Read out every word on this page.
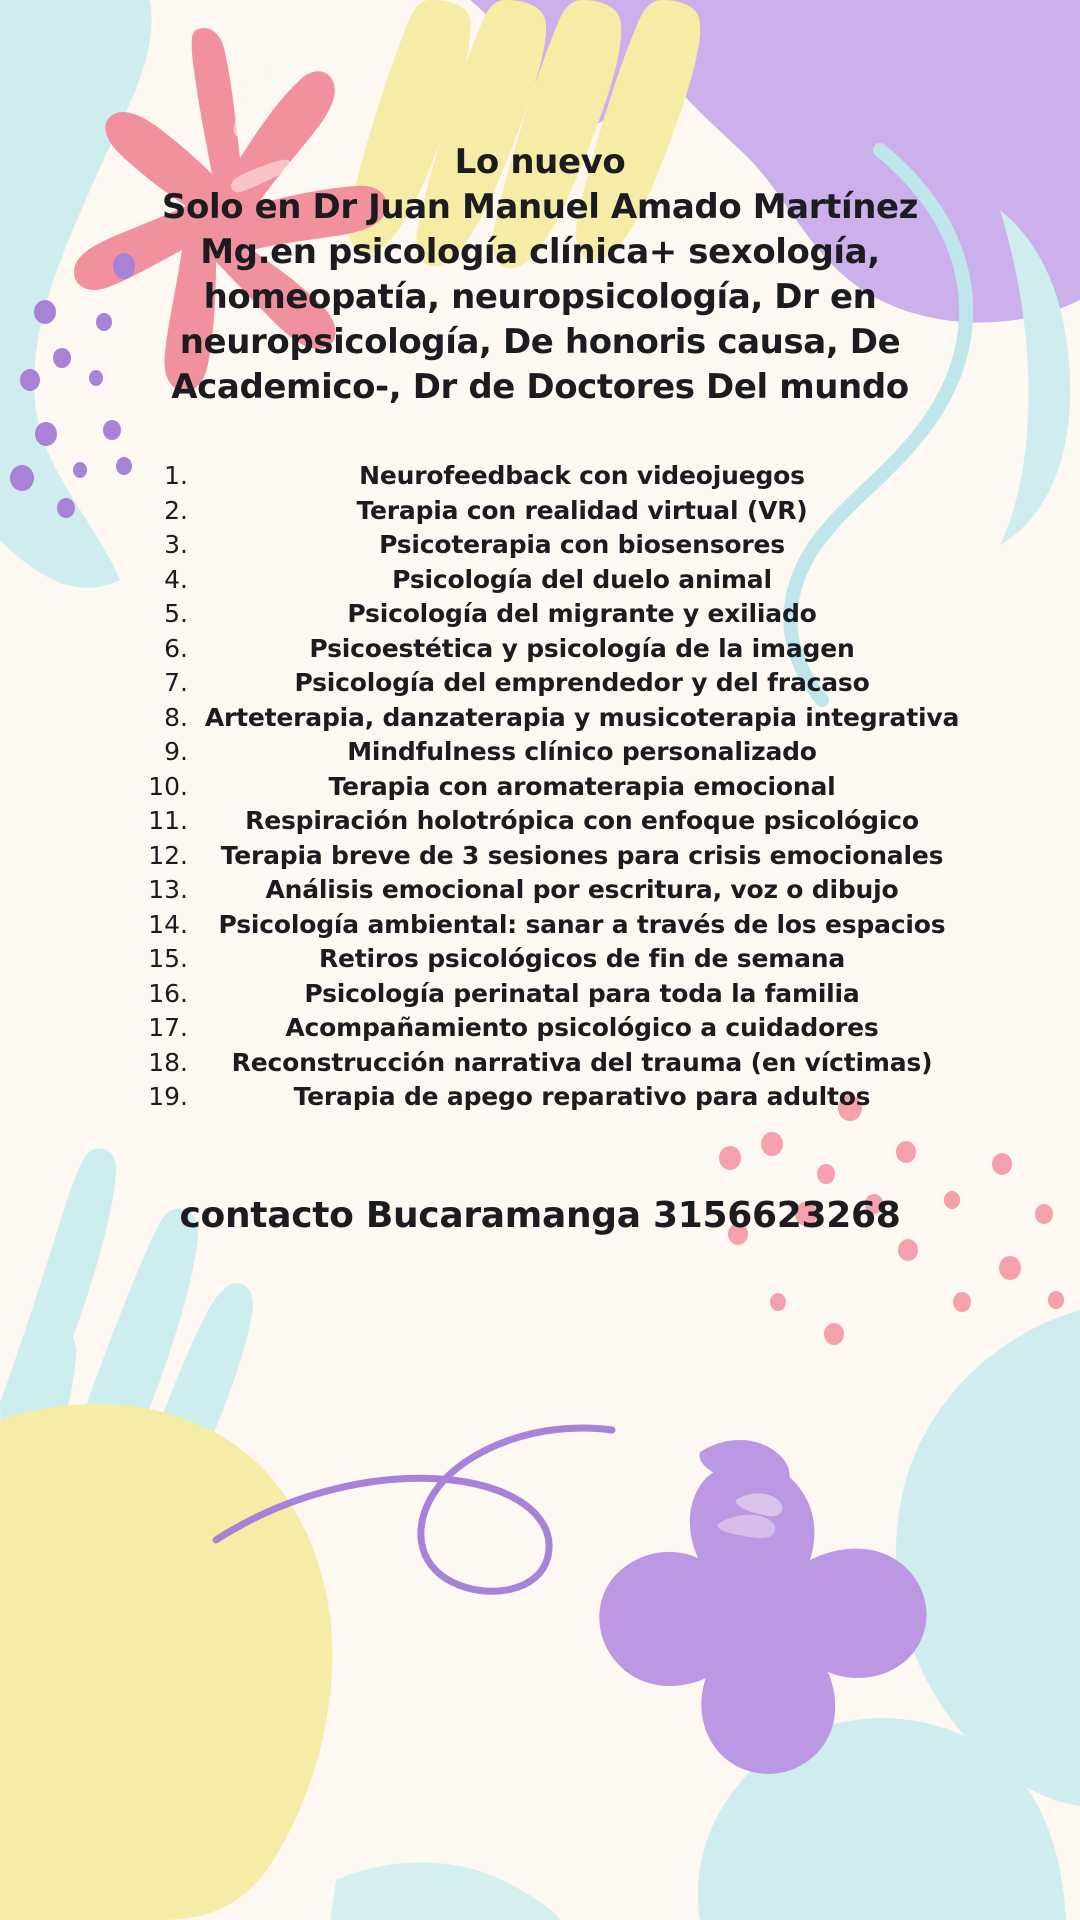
Lo nuevo
Solo en Dr Juan Manuel Amado Martínez
Mg.en psicología clínica+ sexología,
homeopatía, neuropsicología, Dr en
neuropsicología, De honoris causa, De
Academico-, Dr de Doctores Del mundo
1.	Neurofeedback con videojuegos
2.	Terapia con realidad virtual (VR)
3.	Psicoterapia con biosensores
4.	Psicología del duelo animal
5.	Psicología del migrante y exiliado
6.	Psicoestética y psicología de la imagen
7.	Psicología del emprendedor y del fracaso
8. Arteterapia, danzaterapia y musicoterapia integrativa
9.	Mindfulness clínico personalizado
10.	Terapia con aromaterapia emocional
11.	Respiración holotrópica con enfoque psicológico
12.	Terapia breve de 3 sesiones para crisis emocionales
13.	Análisis emocional por escritura, voz o dibujo
14.	Psicología ambiental: sanar a través de los espacios
15.	Retiros psicológicos de fin de semana
16.	Psicología perinatal para toda la familia
17.	Acompañamiento psicológico a cuidadores
18.	Reconstrucción narrativa del trauma (en víctimas)
19.	Terapia de apego reparativo para adultos
contacto Bucaramanga 3156623268
